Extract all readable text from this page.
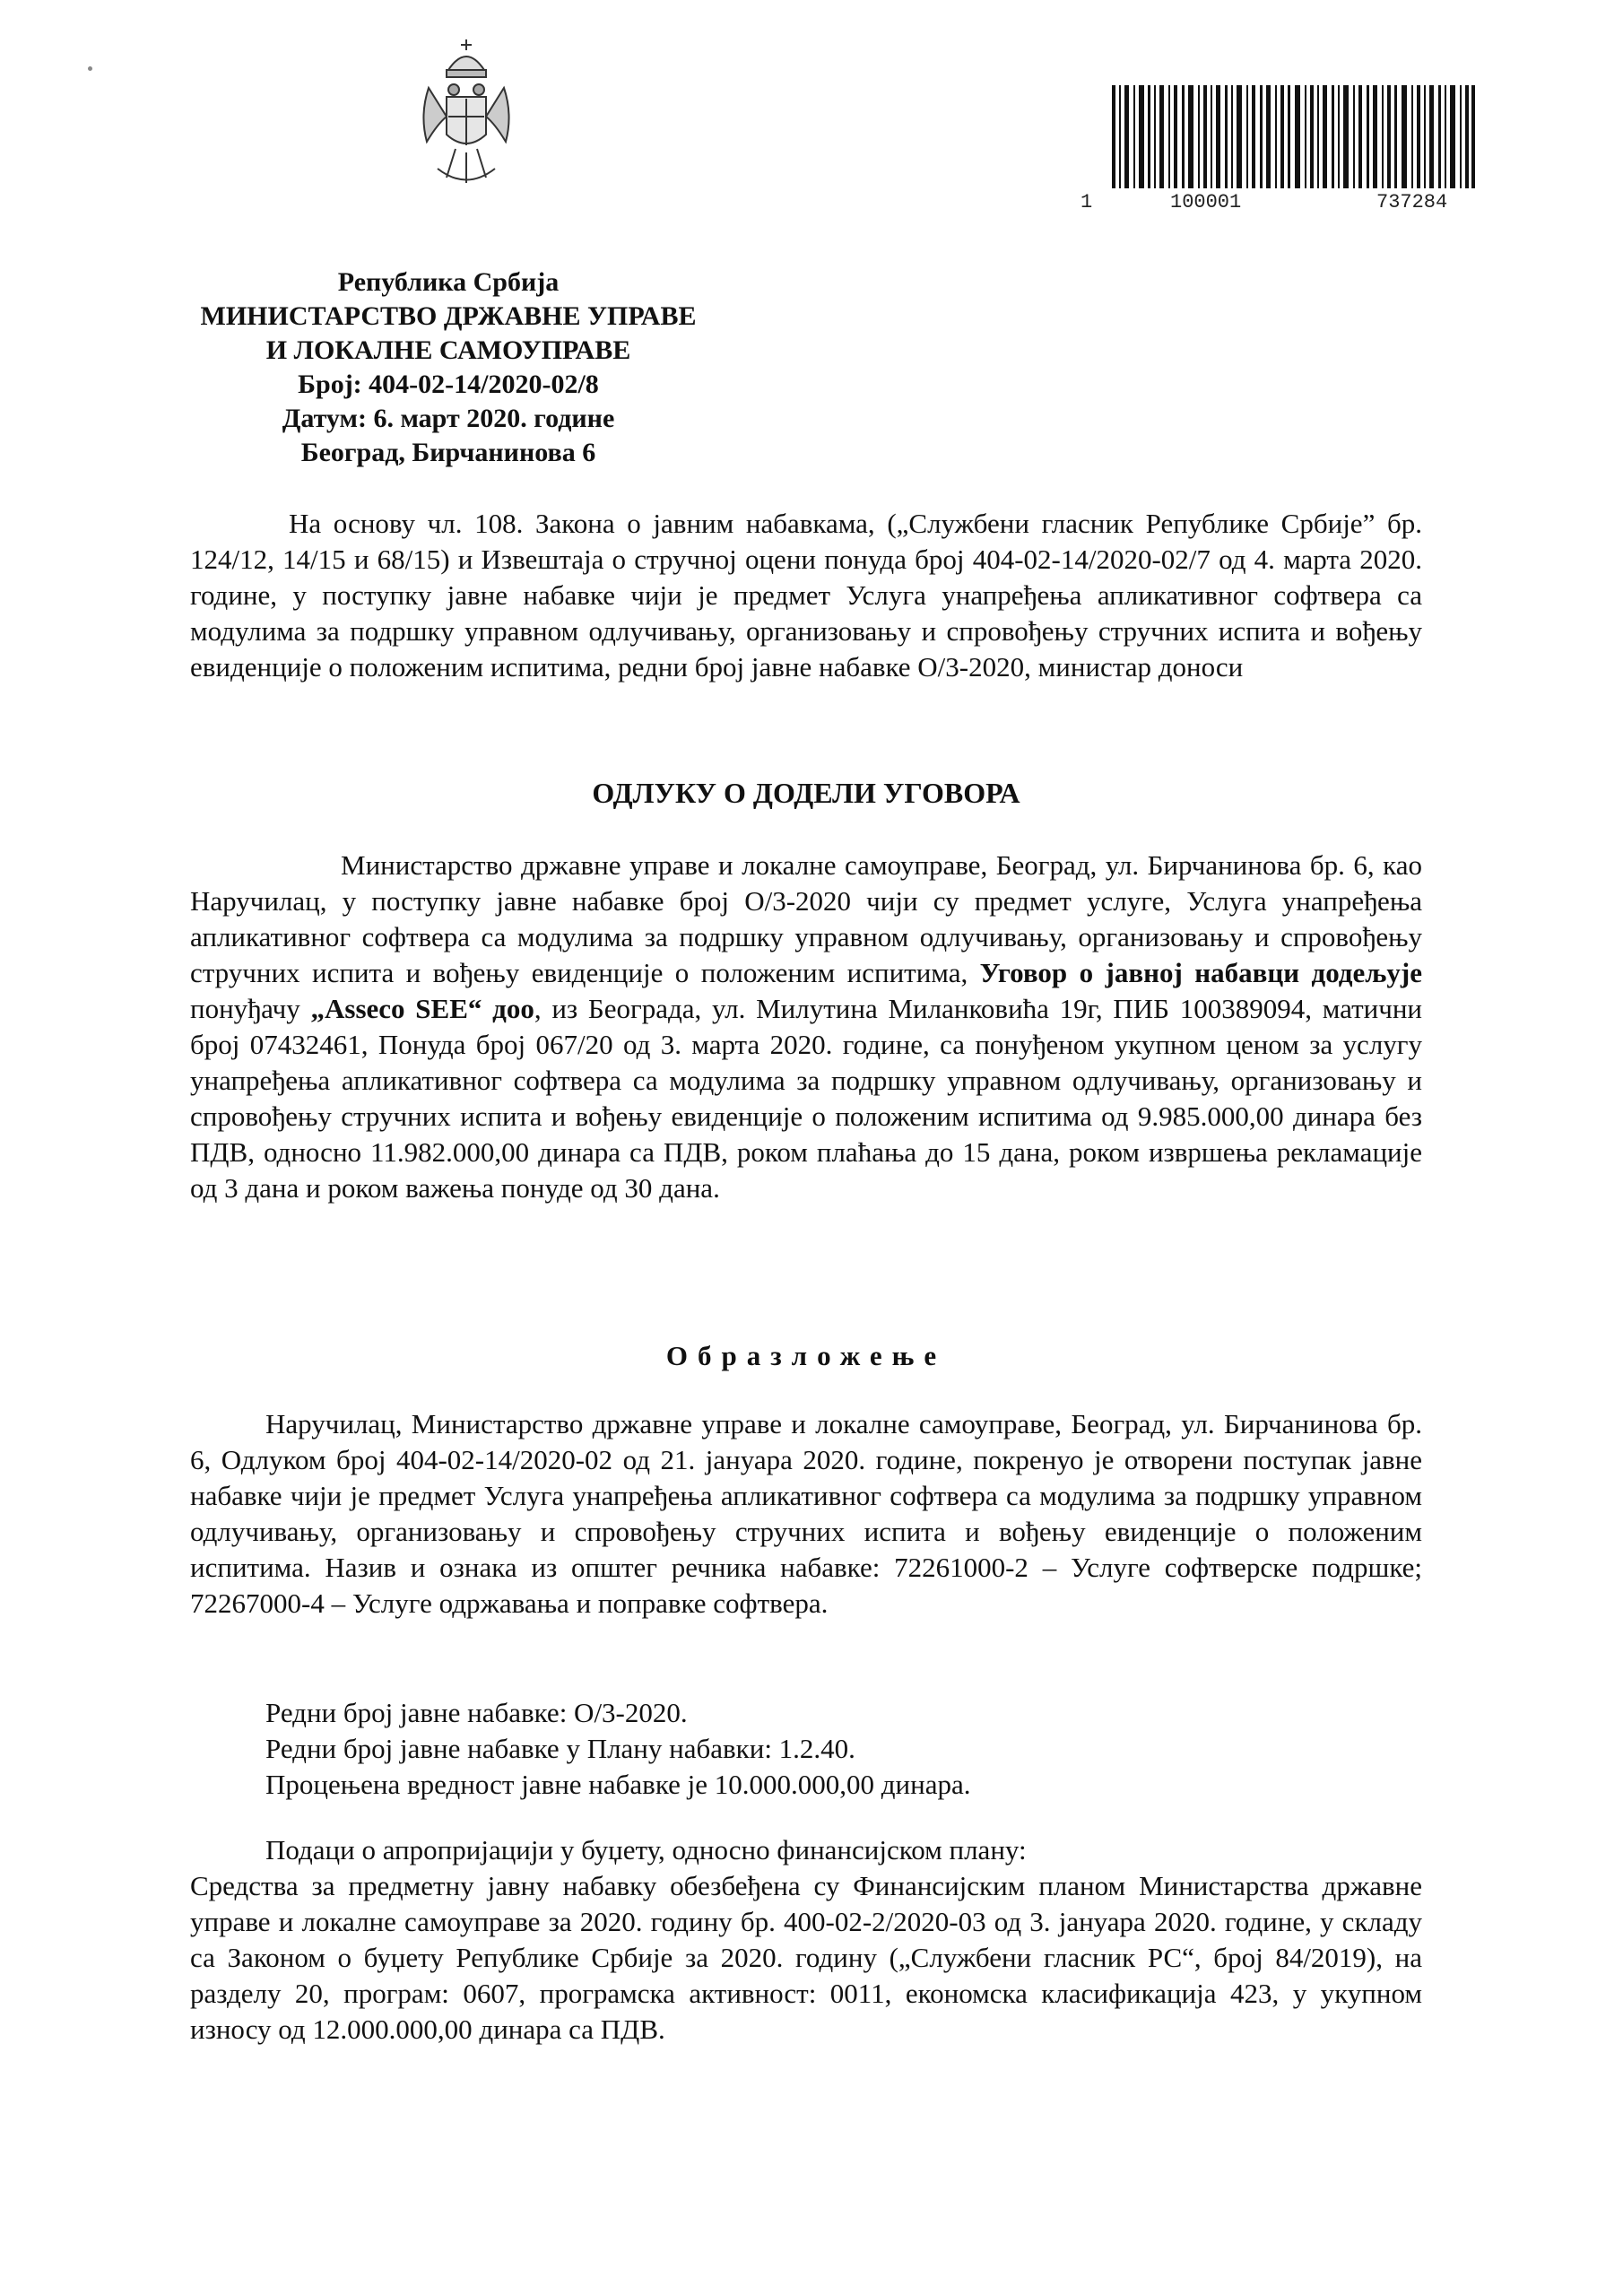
1	100001	737284
Република Србија
МИНИСТАРСТВО ДРЖАВНЕ УПРАВЕ
И ЛОКАЛНЕ САМОУПРАВЕ
Број: 404-02-14/2020-02/8
Датум: 6. март 2020. године
Београд, Бирчанинова 6
На основу чл. 108. Закона о јавним набавкама, („Службени гласник Републике Србије” бр. 124/12, 14/15 и 68/15) и Извештаја о стручној оцени понуда број 404-02-14/2020-02/7 од 4. марта 2020. године, у поступку јавне набавке чији је предмет Услуга унапређења апликативног софтвера са модулима за подршку управном одлучивању, организовању и спровођењу стручних испита и вођењу евиденције о положеним испитима, редни број јавне набавке О/3-2020, министар доноси
ОДЛУКУ О ДОДЕЛИ УГОВОРА
Министарство државне управе и локалне самоуправе, Београд, ул. Бирчанинова бр. 6, као Наручилац, у поступку јавне набавке број О/3-2020 чији су предмет услуге, Услуга унапређења апликативног софтвера са модулима за подршку управном одлучивању, организовању и спровођењу стручних испита и вођењу евиденције о положеним испитима, Уговор о јавној набавци додељује понуђачу „Assecо SEE“ доо, из Београда, ул. Милутина Миланковића 19г, ПИБ 100389094, матични број 07432461, Понуда број 067/20 од 3. марта 2020. године, са понуђеном укупном ценом за услугу унапређења апликативног софтвера са модулима за подршку управном одлучивању, организовању и спровођењу стручних испита и вођењу евиденције о положеним испитима од 9.985.000,00 динара без ПДВ, односно 11.982.000,00 динара са ПДВ, роком плаћања до 15 дана, роком извршења рекламације од 3 дана и роком важења понуде од 30 дана.
Образложење
Наручилац, Министарство државне управе и локалне самоуправе, Београд, ул. Бирчанинова бр. 6, Одлуком број 404-02-14/2020-02 од 21. јануара 2020. године, покренуо је отворени поступак јавне набавке чији је предмет Услуга унапређења апликативног софтвера са модулима за подршку управном одлучивању, организовању и спровођењу стручних испита и вођењу евиденције о положеним испитима. Назив и ознака из општег речника набавке: 72261000-2 – Услуге софтверске подршке; 72267000-4 – Услуге одржавања и поправке софтвера.
Редни број јавне набавке: О/3-2020.
Редни број јавне набавке у Плану набавки: 1.2.40.
Процењена вредност јавне набавке је 10.000.000,00 динара.
Подаци о апропријацији у буџету, односно финансијском плану:
Средства за предметну јавну набавку обезбеђена су Финансијским планом Министарства државне управе и локалне самоуправе за 2020. годину бр. 400-02-2/2020-03 од 3. јануара 2020. године, у складу са Законом о буџету Републике Србије за 2020. годину („Службени гласник РС“, број 84/2019), на разделу 20, програм: 0607, програмска активност: 0011, економска класификација 423, у укупном износу од 12.000.000,00 динара са ПДВ.
